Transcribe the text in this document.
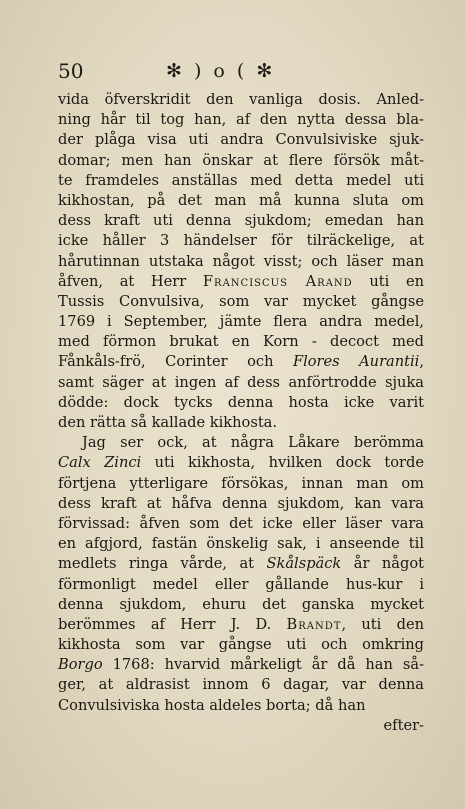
50	✻ ) o ( ✻
vida öfverskridit den vanliga dosis. Anled-
ning hår til tog han, af den nytta dessa bla-
der plåga visa uti andra Convulsiviske sjuk-
domar; men han önskar at flere försök måt-
te framdeles anställas med detta medel uti
kikhostan, på det man må kunna sluta om
dess kraft uti denna sjukdom; emedan han
icke håller 3 händelser för tilräckelige, at
hårutinnan utstaka något visst; och läser man
åfven, at Herr Franciscus Arand uti en
Tussis Convulsiva, som var mycket gångse
1769 i September, jämte flera andra medel,
med förmon brukat en Korn - decoct med
Fånkåls-frö, Corinter och Flores Aurantii,
samt säger at ingen af dess anförtrodde sjuka
dödde: dock tycks denna hosta icke varit
den rätta så kallade kikhosta.
Jag ser ock, at några Låkare berömma
Calx Zinci uti kikhosta, hvilken dock torde
förtjena ytterligare försökas, innan man om
dess kraft at håfva denna sjukdom, kan vara
förvissad: åfven som det icke eller läser vara
en afgjord, fastän önskelig sak, i anseende til
medlets ringa vårde, at Skålspäck år något
förmonligt medel eller gållande hus-kur i
denna sjukdom, ehuru det ganska mycket
berömmes af Herr J. D. Brandt, uti den
kikhosta som var gångse uti och omkring
Borgo 1768: hvarvid mårkeligt år då han så-
ger, at aldrasist innom 6 dagar, var denna
Convulsiviska hosta aldeles borta; då han
efter-
